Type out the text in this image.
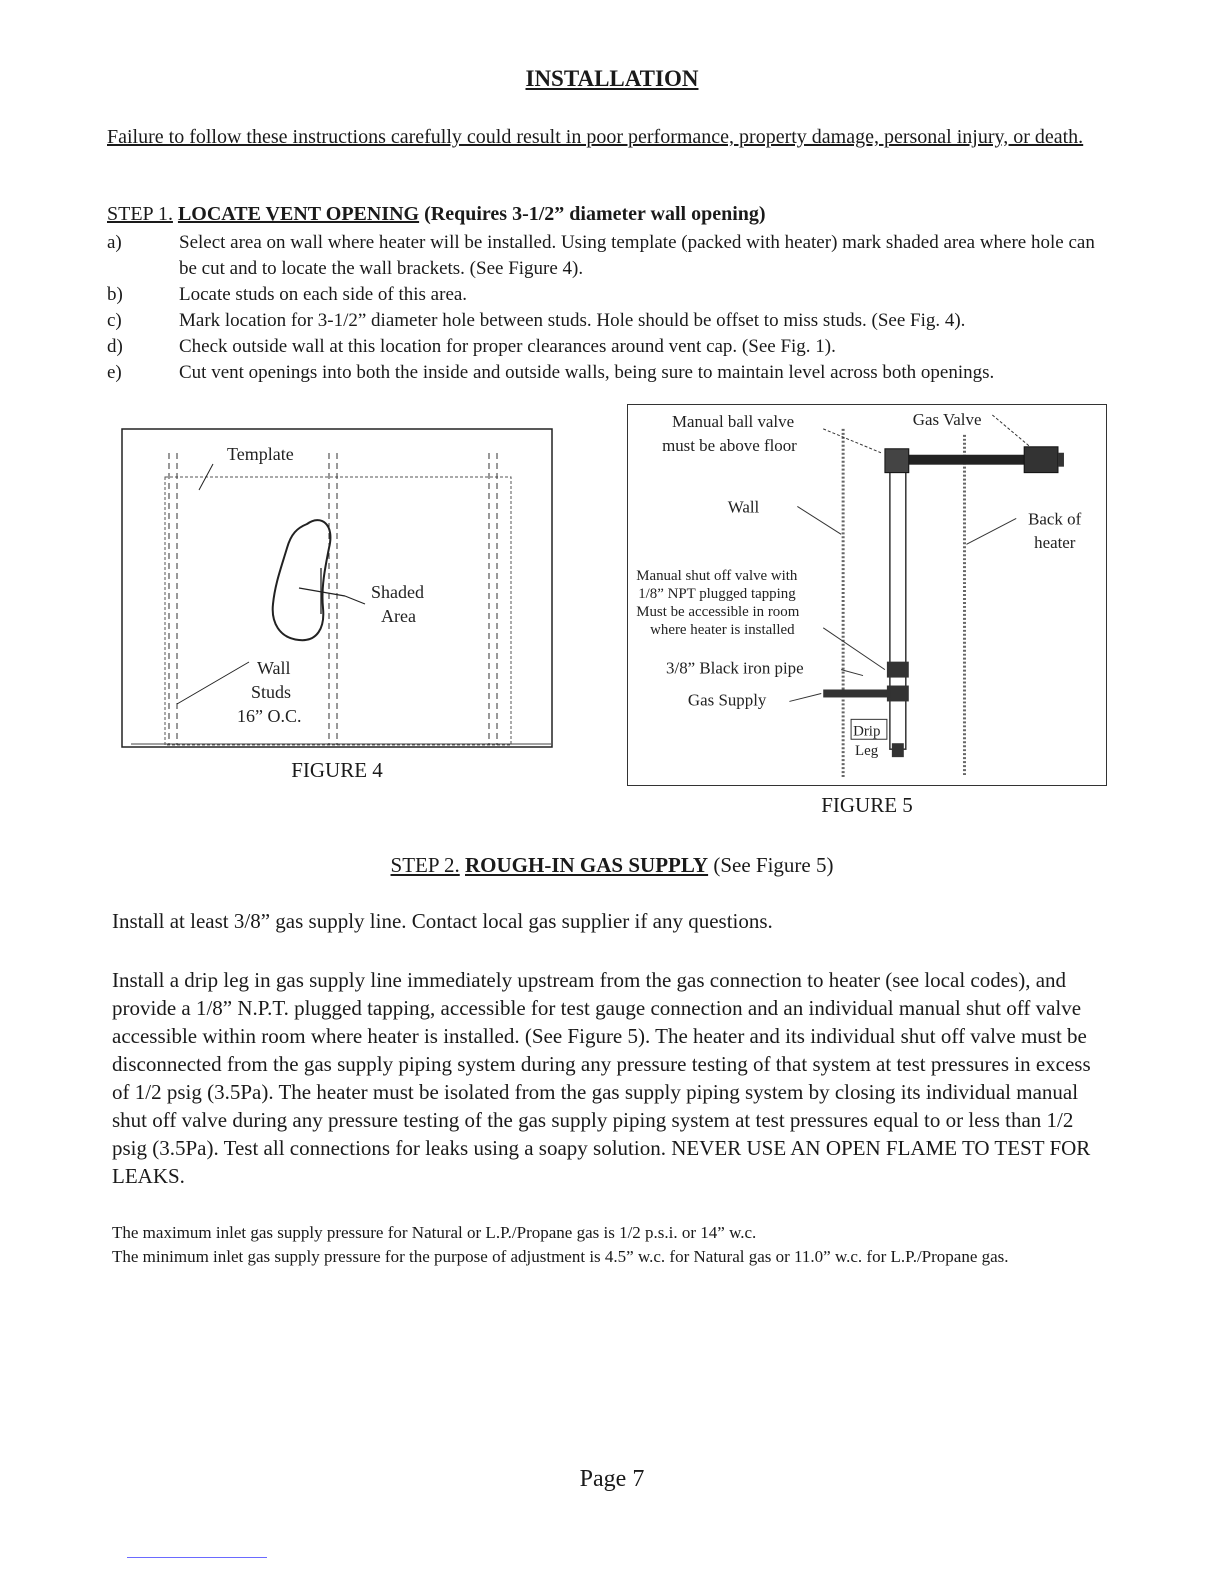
INSTALLATION
Failure to follow these instructions carefully could result in poor performance, property damage, personal injury, or death.
STEP 1. LOCATE VENT OPENING (Requires 3-1/2” diameter wall opening)
a)	Select area on wall where heater will be installed. Using template (packed with heater) mark shaded area where hole can be cut and to locate the wall brackets. (See Figure 4).
b)	Locate studs on each side of this area.
c)	Mark location for 3-1/2” diameter hole between studs. Hole should be offset to miss studs. (See Fig. 4).
d)	Check outside wall at this location for proper clearances around vent cap. (See Fig. 1).
e)	Cut vent openings into both the inside and outside walls, being sure to maintain level across both openings.
Template
Shaded
Area
Wall
Studs
16” O.C.
FIGURE 4
Manual ball valve
must be above floor
Gas Valve
Wall
Back of
heater
Manual shut off valve with
1/8” NPT plugged tapping
Must be accessible in room
where heater is installed
3/8” Black iron pipe
Gas Supply
Drip
Leg
FIGURE 5
STEP 2. ROUGH-IN GAS SUPPLY (See Figure 5)
Install at least 3/8” gas supply line. Contact local gas supplier if any questions.
Install a drip leg in gas supply line immediately upstream from the gas connection to heater (see local codes), and provide a 1/8” N.P.T. plugged tapping, accessible for test gauge connection and an individual manual shut off valve accessible within room where heater is installed. (See Figure 5). The heater and its individual shut off valve must be disconnected from the gas supply piping system during any pressure testing of that system at test pressures in excess of 1/2 psig (3.5Pa). The heater must be isolated from the gas supply piping system by closing its individual manual shut off valve during any pressure testing of the gas supply piping system at test pressures equal to or less than 1/2 psig (3.5Pa). Test all connections for leaks using a soapy solution. NEVER USE AN OPEN FLAME TO TEST FOR LEAKS.
The maximum inlet gas supply pressure for Natural or L.P./Propane gas is 1/2 p.s.i. or 14” w.c.
The minimum inlet gas supply pressure for the purpose of adjustment is 4.5” w.c. for Natural gas or 11.0” w.c. for L.P./Propane gas.
Page 7
